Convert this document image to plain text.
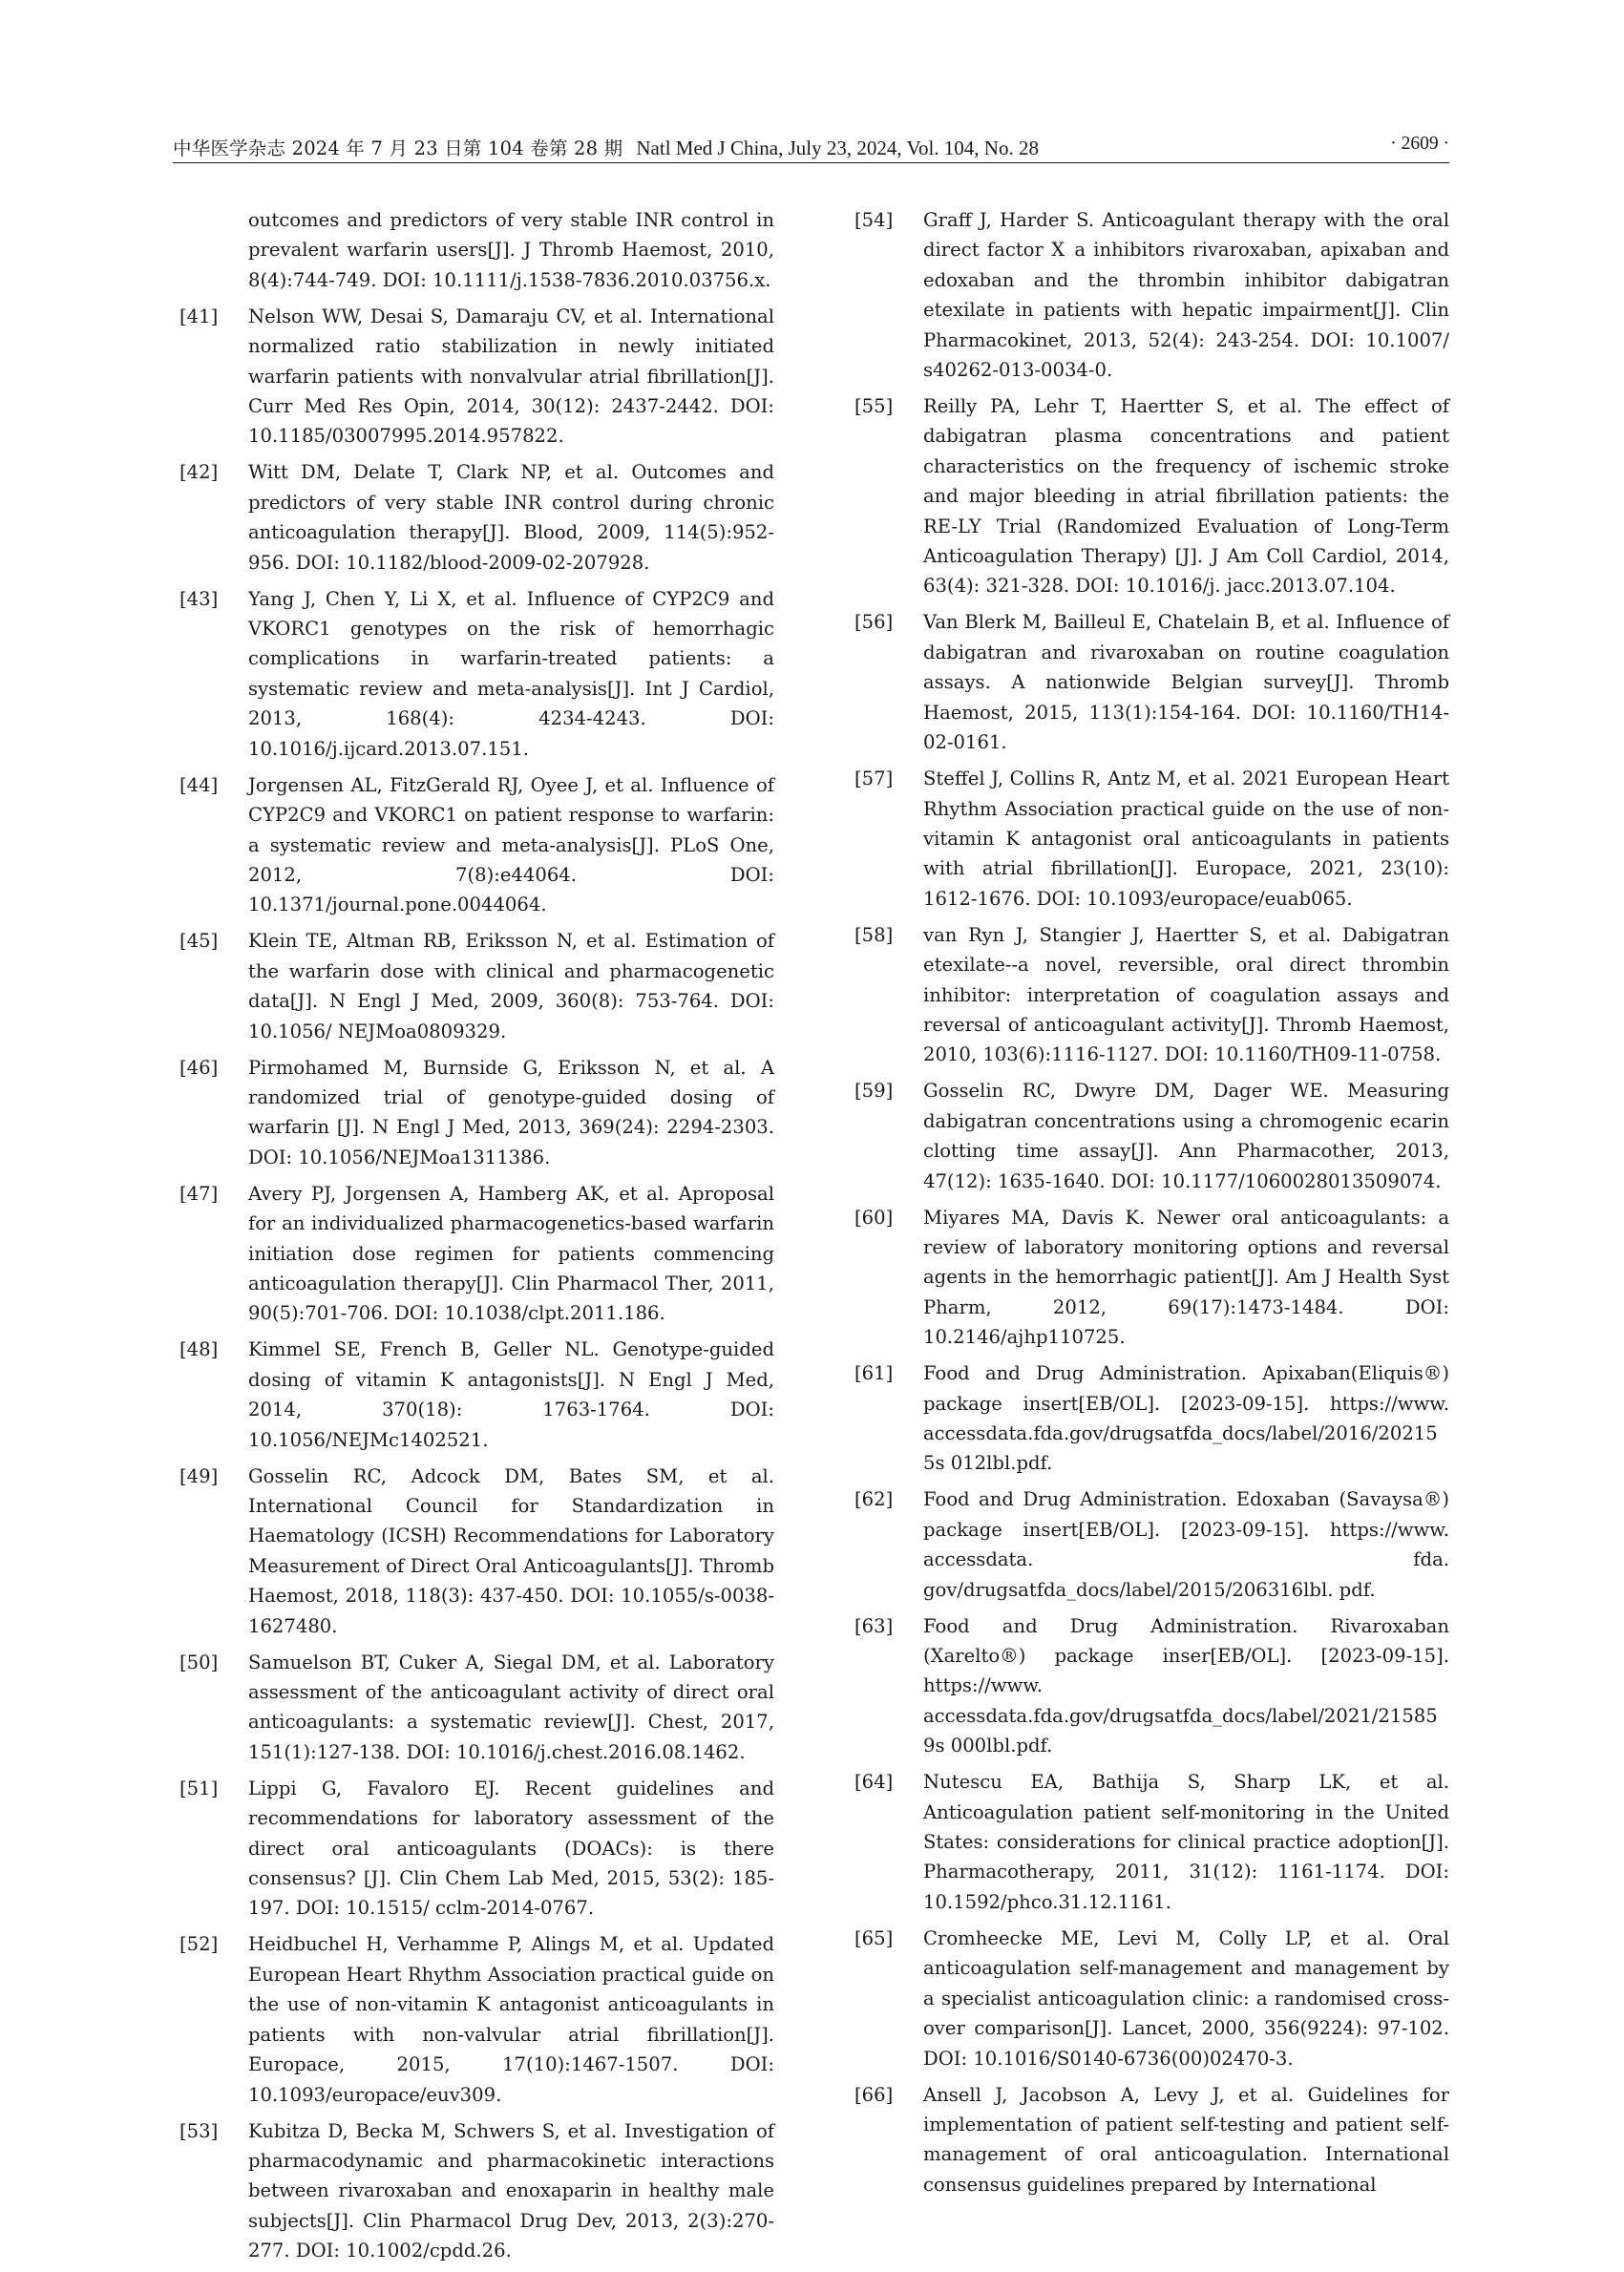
中华医学杂志 2024 年 7 月 23 日第 104 卷第 28 期 Natl Med J China, July 23, 2024, Vol. 104, No. 28	· 2609 ·

outcomes and predictors of very stable INR control in prevalent warfarin users[J]. J Thromb Haemost, 2010, 8(4):744-749. DOI: 10.1111/j.1538-7836.2010.03756.x.

[41] Nelson WW, Desai S, Damaraju CV, et al. International normalized ratio stabilization in newly initiated warfarin patients with nonvalvular atrial fibrillation[J]. Curr Med Res Opin, 2014, 30(12): 2437-2442. DOI: 10.1185/03007995.2014.957822.

[42] Witt DM, Delate T, Clark NP, et al. Outcomes and predictors of very stable INR control during chronic anticoagulation therapy[J]. Blood, 2009, 114(5):952-956. DOI: 10.1182/blood-2009-02-207928.

[43] Yang J, Chen Y, Li X, et al. Influence of CYP2C9 and VKORC1 genotypes on the risk of hemorrhagic complications in warfarin-treated patients: a systematic review and meta-analysis[J]. Int J Cardiol, 2013, 168(4): 4234-4243. DOI: 10.1016/j.ijcard.2013.07.151.

[44] Jorgensen AL, FitzGerald RJ, Oyee J, et al. Influence of CYP2C9 and VKORC1 on patient response to warfarin: a systematic review and meta-analysis[J]. PLoS One, 2012, 7(8):e44064. DOI: 10.1371/journal.pone.0044064.

[45] Klein TE, Altman RB, Eriksson N, et al. Estimation of the warfarin dose with clinical and pharmacogenetic data[J]. N Engl J Med, 2009, 360(8): 753-764. DOI: 10.1056/ NEJMoa0809329.

[46] Pirmohamed M, Burnside G, Eriksson N, et al. A randomized trial of genotype-guided dosing of warfarin [J]. N Engl J Med, 2013, 369(24): 2294-2303. DOI: 10.1056/NEJMoa1311386.

[47] Avery PJ, Jorgensen A, Hamberg AK, et al. Aproposal for an individualized pharmacogenetics-based warfarin initiation dose regimen for patients commencing anticoagulation therapy[J]. Clin Pharmacol Ther, 2011, 90(5):701-706. DOI: 10.1038/clpt.2011.186.

[48] Kimmel SE, French B, Geller NL. Genotype-guided dosing of vitamin K antagonists[J]. N Engl J Med, 2014, 370(18): 1763-1764. DOI: 10.1056/NEJMc1402521.

[49] Gosselin RC, Adcock DM, Bates SM, et al. International Council for Standardization in Haematology (ICSH) Recommendations for Laboratory Measurement of Direct Oral Anticoagulants[J]. Thromb Haemost, 2018, 118(3): 437-450. DOI: 10.1055/s-0038-1627480.

[50] Samuelson BT, Cuker A, Siegal DM, et al. Laboratory assessment of the anticoagulant activity of direct oral anticoagulants: a systematic review[J]. Chest, 2017, 151(1):127-138. DOI: 10.1016/j.chest.2016.08.1462.

[51] Lippi G, Favaloro EJ. Recent guidelines and recommendations for laboratory assessment of the direct oral anticoagulants (DOACs): is there consensus? [J]. Clin Chem Lab Med, 2015, 53(2): 185-197. DOI: 10.1515/ cclm-2014-0767.

[52] Heidbuchel H, Verhamme P, Alings M, et al. Updated European Heart Rhythm Association practical guide on the use of non-vitamin K antagonist anticoagulants in patients with non-valvular atrial fibrillation[J]. Europace, 2015, 17(10):1467-1507. DOI: 10.1093/europace/euv309.

[53] Kubitza D, Becka M, Schwers S, et al. Investigation of pharmacodynamic and pharmacokinetic interactions between rivaroxaban and enoxaparin in healthy male subjects[J]. Clin Pharmacol Drug Dev, 2013, 2(3):270-277. DOI: 10.1002/cpdd.26.

[54] Graff J, Harder S. Anticoagulant therapy with the oral direct factor Ⅹ a inhibitors rivaroxaban, apixaban and edoxaban and the thrombin inhibitor dabigatran etexilate in patients with hepatic impairment[J]. Clin Pharmacokinet, 2013, 52(4): 243-254. DOI: 10.1007/ s40262-013-0034-0.

[55] Reilly PA, Lehr T, Haertter S, et al. The effect of dabigatran plasma concentrations and patient characteristics on the frequency of ischemic stroke and major bleeding in atrial fibrillation patients: the RE-LY Trial (Randomized Evaluation of Long-Term Anticoagulation Therapy) [J]. J Am Coll Cardiol, 2014, 63(4): 321-328. DOI: 10.1016/j. jacc.2013.07.104.

[56] Van Blerk M, Bailleul E, Chatelain B, et al. Influence of dabigatran and rivaroxaban on routine coagulation assays. A nationwide Belgian survey[J]. Thromb Haemost, 2015, 113(1):154-164. DOI: 10.1160/TH14-02-0161.

[57] Steffel J, Collins R, Antz M, et al. 2021 European Heart Rhythm Association practical guide on the use of non-vitamin K antagonist oral anticoagulants in patients with atrial fibrillation[J]. Europace, 2021, 23(10): 1612-1676. DOI: 10.1093/europace/euab065.

[58] van Ryn J, Stangier J, Haertter S, et al. Dabigatran etexilate--a novel, reversible, oral direct thrombin inhibitor: interpretation of coagulation assays and reversal of anticoagulant activity[J]. Thromb Haemost, 2010, 103(6):1116-1127. DOI: 10.1160/TH09-11-0758.

[59] Gosselin RC, Dwyre DM, Dager WE. Measuring dabigatran concentrations using a chromogenic ecarin clotting time assay[J]. Ann Pharmacother, 2013, 47(12): 1635-1640. DOI: 10.1177/1060028013509074.

[60] Miyares MA, Davis K. Newer oral anticoagulants: a review of laboratory monitoring options and reversal agents in the hemorrhagic patient[J]. Am J Health Syst Pharm, 2012, 69(17):1473-1484. DOI: 10.2146/ajhp110725.

[61] Food and Drug Administration. Apixaban(Eliquis®) package insert[EB/OL]. [2023-09-15]. https://www. accessdata.fda.gov/drugsatfda_docs/label/2016/202155s 012lbl.pdf.

[62] Food and Drug Administration. Edoxaban (Savaysa®) package insert[EB/OL]. [2023-09-15]. https://www. accessdata. fda. gov/drugsatfda_docs/label/2015/206316lbl. pdf.

[63] Food and Drug Administration. Rivaroxaban (Xarelto®) package inser[EB/OL]. [2023-09-15]. https://www. accessdata.fda.gov/drugsatfda_docs/label/2021/215859s 000lbl.pdf.

[64] Nutescu EA, Bathija S, Sharp LK, et al. Anticoagulation patient self-monitoring in the United States: considerations for clinical practice adoption[J]. Pharmacotherapy, 2011, 31(12): 1161-1174. DOI: 10.1592/phco.31.12.1161.

[65] Cromheecke ME, Levi M, Colly LP, et al. Oral anticoagulation self-management and management by a specialist anticoagulation clinic: a randomised cross-over comparison[J]. Lancet, 2000, 356(9224): 97-102. DOI: 10.1016/S0140-6736(00)02470-3.

[66] Ansell J, Jacobson A, Levy J, et al. Guidelines for implementation of patient self-testing and patient self-management of oral anticoagulation. International consensus guidelines prepared by International
